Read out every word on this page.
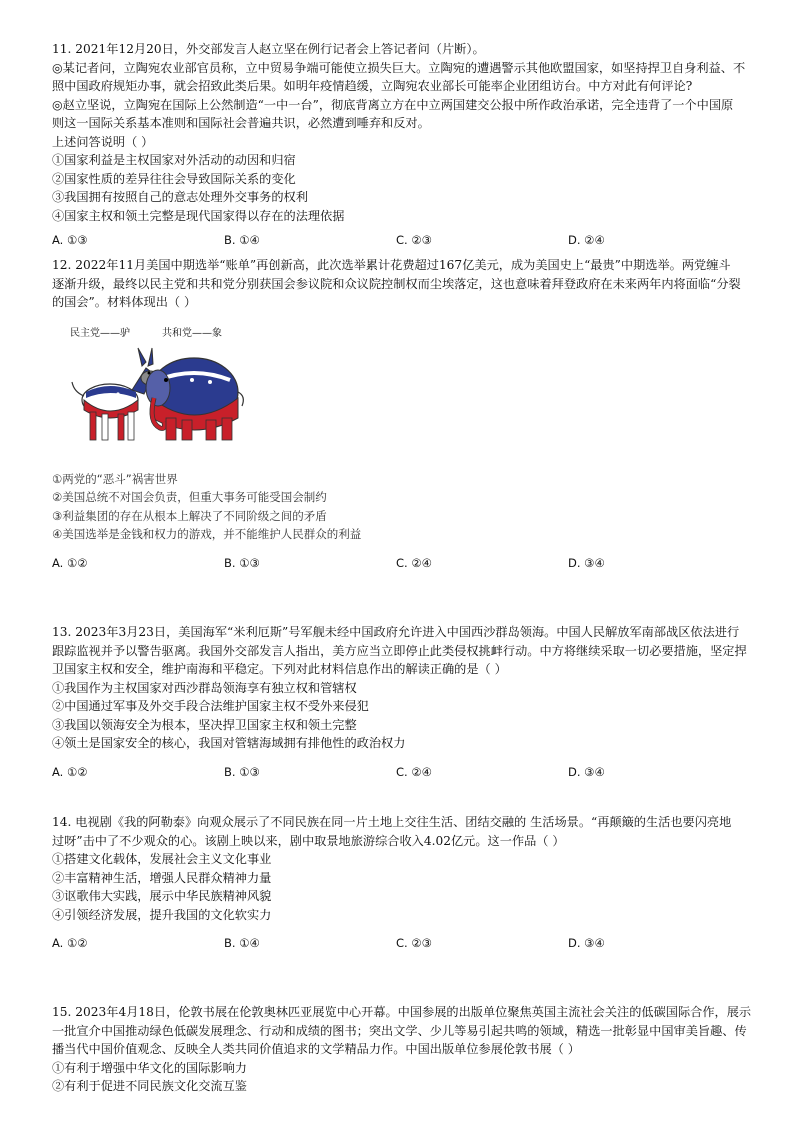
11. 2021年12月20日，外交部发言人赵立坚在例行记者会上答记者问（片断）。
◎某记者问，立陶宛农业部官员称，立中贸易争端可能使立损失巨大。立陶宛的遭遇警示其他欧盟国家，如坚持捍卫自身利益、不
照中国政府规矩办事，就会招致此类后果。如明年疫情趋缓，立陶宛农业部长可能率企业团组访台。中方对此有何评论?
◎赵立坚说，立陶宛在国际上公然制造“一中一台”，彻底背离立方在中立两国建交公报中所作政治承诺，完全违背了一个中国原
则这一国际关系基本准则和国际社会普遍共识，必然遭到唾弃和反对。
上述问答说明（ ）
①国家利益是主权国家对外活动的动因和归宿
②国家性质的差异往往会导致国际关系的变化
③我国拥有按照自己的意志处理外交事务的权利
④国家主权和领土完整是现代国家得以存在的法理依据
A. ①③	B. ①④	C. ②③	D. ②④
12. 2022年11月美国中期选举“账单”再创新高，此次选举累计花费超过167亿美元，成为美国史上“最贵”中期选举。两党缠斗
逐渐升级，最终以民主党和共和党分别获国会参议院和众议院控制权而尘埃落定，这也意味着拜登政府在未来两年内将面临“分裂
的国会”。材料体现出（ ）
民主党——驴	共和党——象
①两党的“恶斗”祸害世界
②美国总统不对国会负责，但重大事务可能受国会制约
③利益集团的存在从根本上解决了不同阶级之间的矛盾
④美国选举是金钱和权力的游戏，并不能维护人民群众的利益
A. ①②	B. ①③	C. ②④	D. ③④
13. 2023年3月23日，美国海军“米利厄斯”号军舰未经中国政府允许进入中国西沙群岛领海。中国人民解放军南部战区依法进行
跟踪监视并予以警告驱离。我国外交部发言人指出，美方应当立即停止此类侵权挑衅行动。中方将继续采取一切必要措施，坚定捍
卫国家主权和安全，维护南海和平稳定。下列对此材料信息作出的解读正确的是（ ）
①我国作为主权国家对西沙群岛领海享有独立权和管辖权
②中国通过军事及外交手段合法维护国家主权不受外来侵犯
③我国以领海安全为根本，坚决捍卫国家主权和领土完整
④领土是国家安全的核心，我国对管辖海域拥有排他性的政治权力
A. ①②	B. ①③	C. ②④	D. ③④
14. 电视剧《我的阿勒泰》向观众展示了不同民族在同一片土地上交往生活、团结交融的 生活场景。“再颠簸的生活也要闪亮地
过呀”击中了不少观众的心。该剧上映以来，剧中取景地旅游综合收入4.02亿元。这一作品（ ）
①搭建文化载体，发展社会主义文化事业
②丰富精神生活，增强人民群众精神力量
③讴歌伟大实践，展示中华民族精神风貌
④引领经济发展，提升我国的文化软实力
A. ①②	B. ①④	C. ②③	D. ③④
15. 2023年4月18日，伦敦书展在伦敦奥林匹亚展览中心开幕。中国参展的出版单位聚焦英国主流社会关注的低碳国际合作，展示
一批宣介中国推动绿色低碳发展理念、行动和成绩的图书；突出文学、少儿等易引起共鸣的领域，精选一批彰显中国审美旨趣、传
播当代中国价值观念、反映全人类共同价值追求的文学精品力作。中国出版单位参展伦敦书展（ ）
①有利于增强中华文化的国际影响力
②有利于促进不同民族文化交流互鉴
